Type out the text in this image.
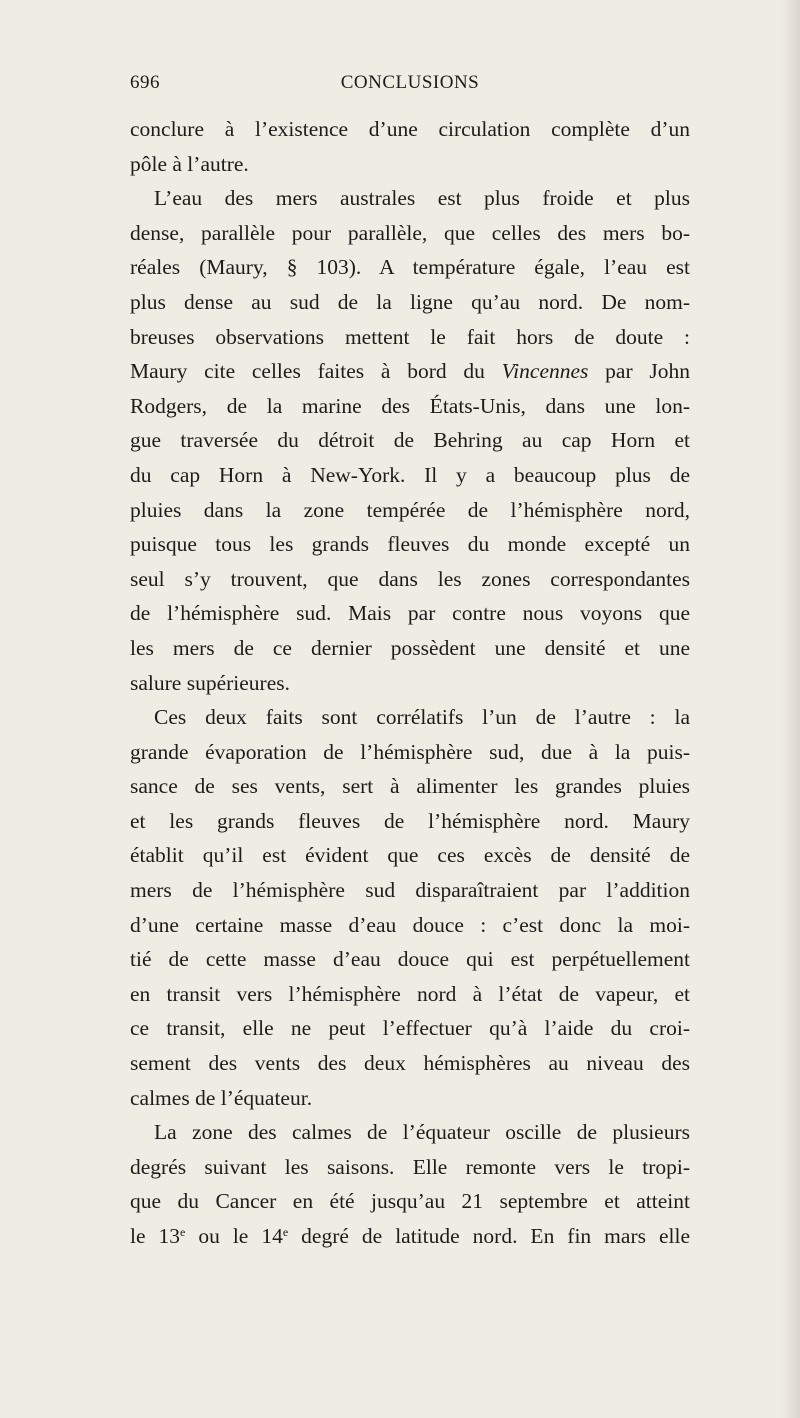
696	CONCLUSIONS
conclure à l’existence d’une circulation complète d’un
pôle à l’autre.
L’eau des mers australes est plus froide et plus
dense, parallèle pour parallèle, que celles des mers bo-
réales (Maury, § 103). A température égale, l’eau est
plus dense au sud de la ligne qu’au nord. De nom-
breuses observations mettent le fait hors de doute :
Maury cite celles faites à bord du Vincennes par John
Rodgers, de la marine des États-Unis, dans une lon-
gue traversée du détroit de Behring au cap Horn et
du cap Horn à New-York. Il y a beaucoup plus de
pluies dans la zone tempérée de l’hémisphère nord,
puisque tous les grands fleuves du monde excepté un
seul s’y trouvent, que dans les zones correspondantes
de l’hémisphère sud. Mais par contre nous voyons que
les mers de ce dernier possèdent une densité et une
salure supérieures.
Ces deux faits sont corrélatifs l’un de l’autre : la
grande évaporation de l’hémisphère sud, due à la puis-
sance de ses vents, sert à alimenter les grandes pluies
et les grands fleuves de l’hémisphère nord. Maury
établit qu’il est évident que ces excès de densité de
mers de l’hémisphère sud disparaîtraient par l’addition
d’une certaine masse d’eau douce : c’est donc la moi-
tié de cette masse d’eau douce qui est perpétuellement
en transit vers l’hémisphère nord à l’état de vapeur, et
ce transit, elle ne peut l’effectuer qu’à l’aide du croi-
sement des vents des deux hémisphères au niveau des
calmes de l’équateur.
La zone des calmes de l’équateur oscille de plusieurs
degrés suivant les saisons. Elle remonte vers le tropi-
que du Cancer en été jusqu’au 21 septembre et atteint
le 13e ou le 14e degré de latitude nord. En fin mars elle
